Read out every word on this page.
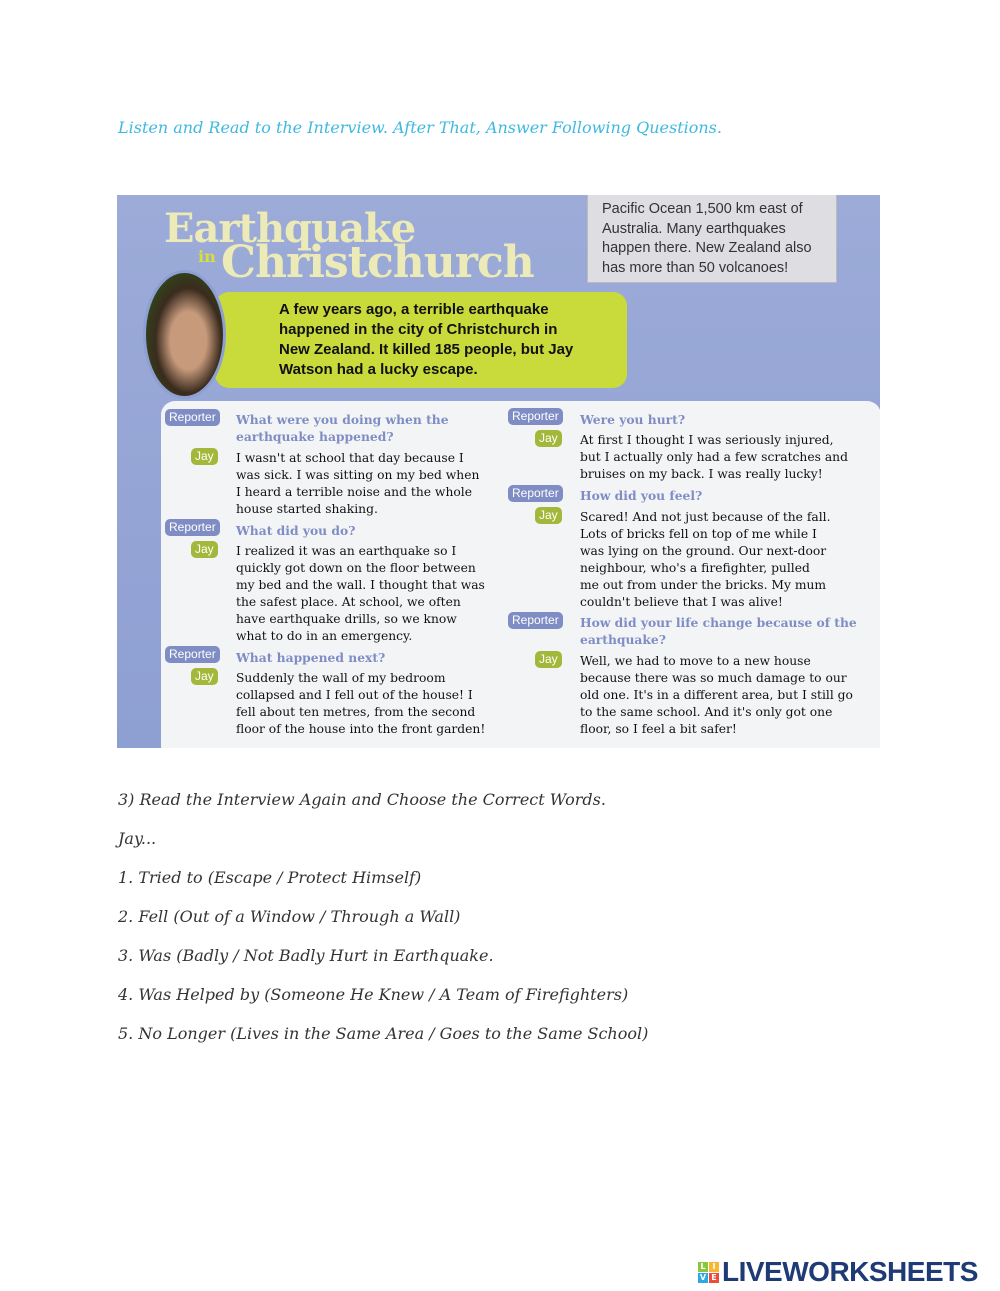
Listen and Read to the Interview. After That, Answer Following Questions.
Earthquake
in Christchurch
Pacific Ocean 1,500 km east of
Australia. Many earthquakes
happen there. New Zealand also
has more than 50 volcanoes!
A few years ago, a terrible earthquake
happened in the city of Christchurch in
New Zealand. It killed 185 people, but Jay
Watson had a lucky escape.
Reporter	What were you doing when the
earthquake happened?
Jay	I wasn't at school that day because I
was sick. I was sitting on my bed when
I heard a terrible noise and the whole
house started shaking.
Reporter	What did you do?
Jay	I realized it was an earthquake so I
quickly got down on the floor between
my bed and the wall. I thought that was
the safest place. At school, we often
have earthquake drills, so we know
what to do in an emergency.
Reporter	What happened next?
Jay	Suddenly the wall of my bedroom
collapsed and I fell out of the house! I
fell about ten metres, from the second
floor of the house into the front garden!
Reporter	Were you hurt?
Jay	At first I thought I was seriously injured,
but I actually only had a few scratches and
bruises on my back. I was really lucky!
Reporter	How did you feel?
Jay	Scared! And not just because of the fall.
Lots of bricks fell on top of me while I
was lying on the ground. Our next-door
neighbour, who's a firefighter, pulled
me out from under the bricks. My mum
couldn't believe that I was alive!
Reporter	How did your life change because of the
earthquake?
Jay	Well, we had to move to a new house
because there was so much damage to our
old one. It's in a different area, but I still go
to the same school. And it's only got one
floor, so I feel a bit safer!
3) Read the Interview Again and Choose the Correct Words.
Jay...
1. Tried to (Escape / Protect Himself)
2. Fell (Out of a Window / Through a Wall)
3. Was (Badly / Not Badly Hurt in Earthquake.
4. Was Helped by (Someone He Knew / A Team of Firefighters)
5. No Longer (Lives in the Same Area / Goes to the Same School)
L I
V E LIVEWORKSHEETS
